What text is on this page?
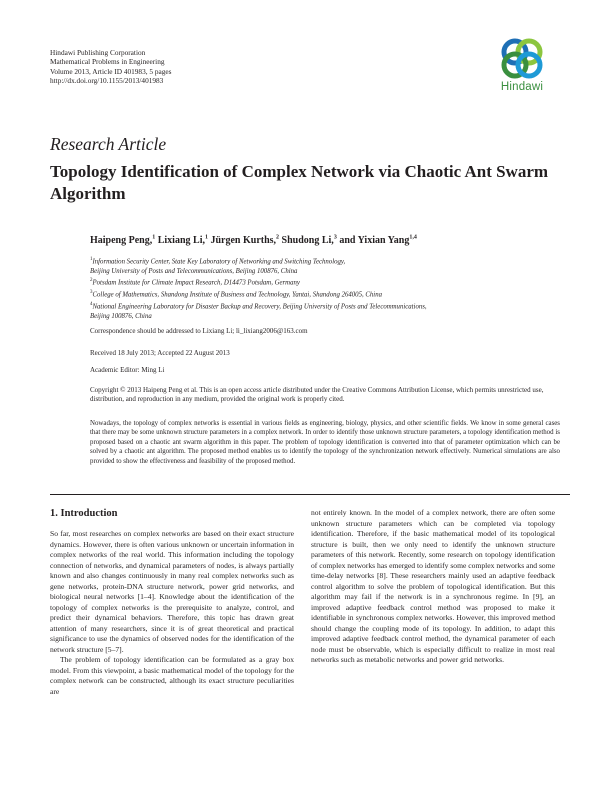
Hindawi Publishing Corporation
Mathematical Problems in Engineering
Volume 2013, Article ID 401983, 5 pages
http://dx.doi.org/10.1155/2013/401983
Hindawi
Research Article
Topology Identification of Complex Network via Chaotic Ant Swarm Algorithm
Haipeng Peng,$^1$ Lixiang Li,$^1$ Jürgen Kurths,$^2$ Shudong Li,$^3$ and Yixian Yang$^{1,4}$
$^1$Information Security Center, State Key Laboratory of Networking and Switching Technology,
Beijing University of Posts and Telecommunications, Beijing 100876, China
$^2$Potsdam Institute for Climate Impact Research, D14473 Potsdam, Germany
$^3$College of Mathematics, Shandong Institute of Business and Technology, Yantai, Shandong 264005, China
$^4$National Engineering Laboratory for Disaster Backup and Recovery, Beijing University of Posts and Telecommunications,
Beijing 100876, China
Correspondence should be addressed to Lixiang Li; li_lixiang2006@163.com
Received 18 July 2013; Accepted 22 August 2013
Academic Editor: Ming Li
Copyright © 2013 Haipeng Peng et al. This is an open access article distributed under the Creative Commons Attribution License, which permits unrestricted use, distribution, and reproduction in any medium, provided the original work is properly cited.
Nowadays, the topology of complex networks is essential in various fields as engineering, biology, physics, and other scientific fields. We know in some general cases that there may be some unknown structure parameters in a complex network. In order to identify those unknown structure parameters, a topology identification method is proposed based on a chaotic ant swarm algorithm in this paper. The problem of topology identification is converted into that of parameter optimization which can be solved by a chaotic ant algorithm. The proposed method enables us to identify the topology of the synchronization network effectively. Numerical simulations are also provided to show the effectiveness and feasibility of the proposed method.
1. Introduction

So far, most researches on complex networks are based on their exact structure dynamics. However, there is often various unknown or uncertain information in complex networks of the real world. This information including the topology connection of networks, and dynamical parameters of nodes, is always partially known and also changes continuously in many real complex networks such as gene networks, protein-DNA structure network, power grid networks, and biological neural networks [1–4]. Knowledge about the identification of the topology of complex networks is the prerequisite to analyze, control, and predict their dynamical behaviors. Therefore, this topic has drawn great attention of many researchers, since it is of great theoretical and practical significance to use the dynamics of observed nodes for the identification of the network structure [5–7].

The problem of topology identification can be formulated as a gray box model. From this viewpoint, a basic mathematical model of the topology for the complex network can be constructed, although its exact structure peculiarities are

not entirely known. In the model of a complex network, there are often some unknown structure parameters which can be completed via topology identification. Therefore, if the basic mathematical model of its topological structure is built, then we only need to identify the unknown structure parameters of this network. Recently, some research on topology identification of complex networks has emerged to identify some complex networks and some time-delay networks [8]. These researchers mainly used an adaptive feedback control algorithm to solve the problem of topological identification. But this algorithm may fail if the network is in a synchronous regime. In [9], an improved adaptive feedback control method was proposed to make it identifiable in synchronous complex networks. However, this improved method should change the coupling mode of its topology. In addition, to adapt this improved adaptive feedback control method, the dynamical parameter of each node must be observable, which is especially difficult to realize in most real networks such as metabolic networks and power grid networks.
